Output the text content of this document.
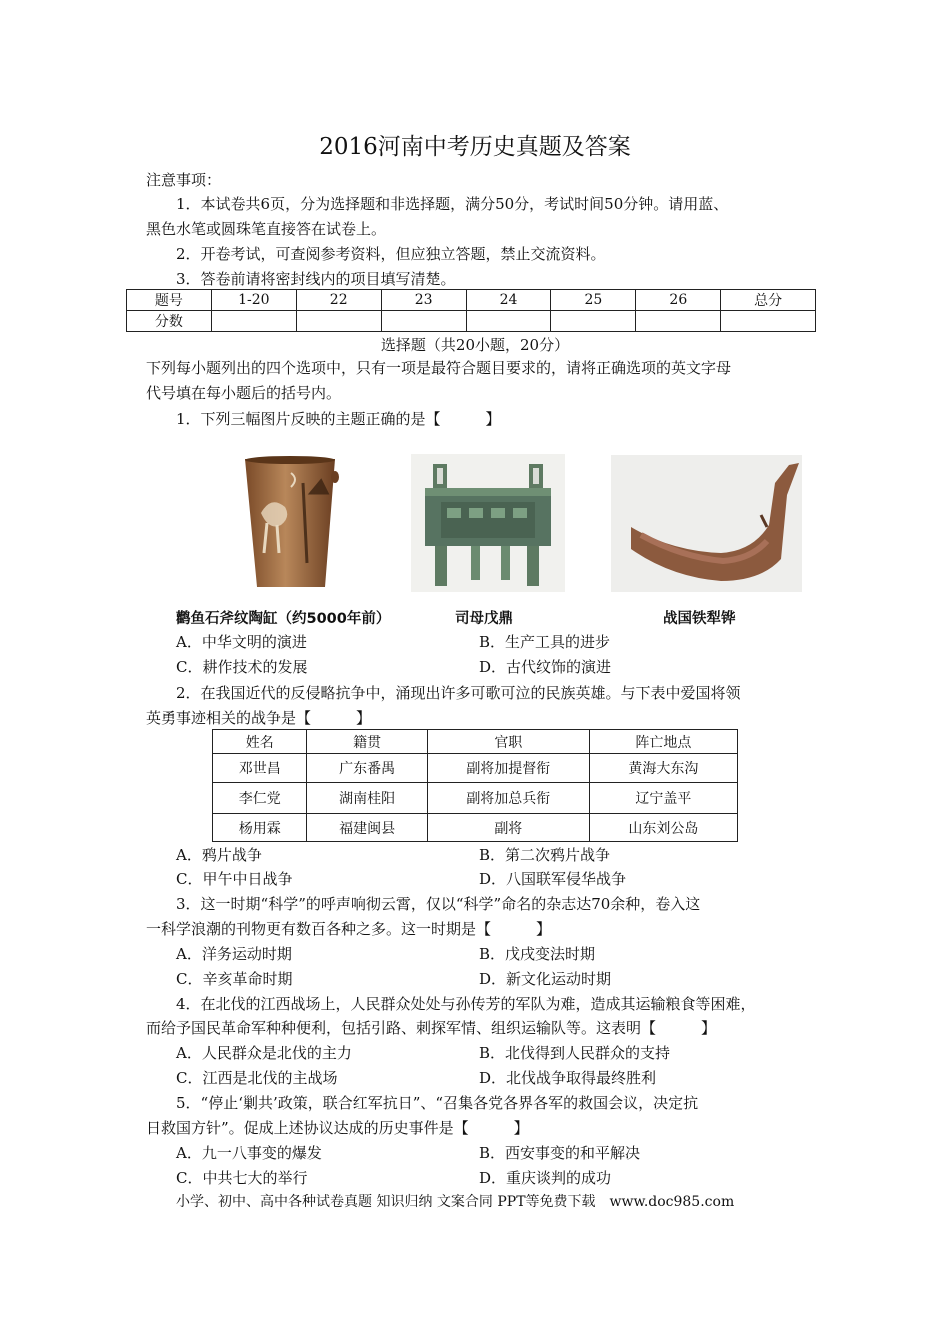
2016河南中考历史真题及答案
注意事项：
1．本试卷共6页，分为选择题和非选择题，满分50分，考试时间50分钟。请用蓝、
黑色水笔或圆珠笔直接答在试卷上。
2．开卷考试，可查阅参考资料，但应独立答题，禁止交流资料。
3．答卷前请将密封线内的项目填写清楚。
题号	1-20	22	23	24	25	26	总分
分数							
选择题（共20小题，20分）
下列每小题列出的四个选项中，只有一项是最符合题目要求的，请将正确选项的英文字母
代号填在每小题后的括号内。
1．下列三幅图片反映的主题正确的是【　　　】
鹳鱼石斧纹陶缸（约5000年前）	司母戊鼎	战国铁犁铧
A．中华文明的演进	B．生产工具的进步
C．耕作技术的发展	D．古代纹饰的演进
2．在我国近代的反侵略抗争中，涌现出许多可歌可泣的民族英雄。与下表中爱国将领
英勇事迹相关的战争是【　　　】
姓名	籍贯	官职	阵亡地点
邓世昌	广东番禺	副将加提督衔	黄海大东沟
李仁党	湖南桂阳	副将加总兵衔	辽宁盖平
杨用霖	福建闽县	副将	山东刘公岛
A．鸦片战争	B．第二次鸦片战争
C．甲午中日战争	D．八国联军侵华战争
3．这一时期“科学”的呼声响彻云霄，仅以“科学”命名的杂志达70余种，卷入这
一科学浪潮的刊物更有数百各种之多。这一时期是【　　　】
A．洋务运动时期	B．戊戌变法时期
C．辛亥革命时期	D．新文化运动时期
4．在北伐的江西战场上，人民群众处处与孙传芳的军队为难，造成其运输粮食等困难，
而给予国民革命军种种便利，包括引路、刺探军情、组织运输队等。这表明【　　　】
A．人民群众是北伐的主力	B．北伐得到人民群众的支持
C．江西是北伐的主战场	D．北伐战争取得最终胜利
5．“停止‘剿共’政策，联合红军抗日”、“召集各党各界各军的救国会议，决定抗
日救国方针”。促成上述协议达成的历史事件是【　　　】
A．九一八事变的爆发	B．西安事变的和平解决
C．中共七大的举行	D．重庆谈判的成功
小学、初中、高中各种试卷真题 知识归纳 文案合同 PPT等免费下载　www.doc985.com
